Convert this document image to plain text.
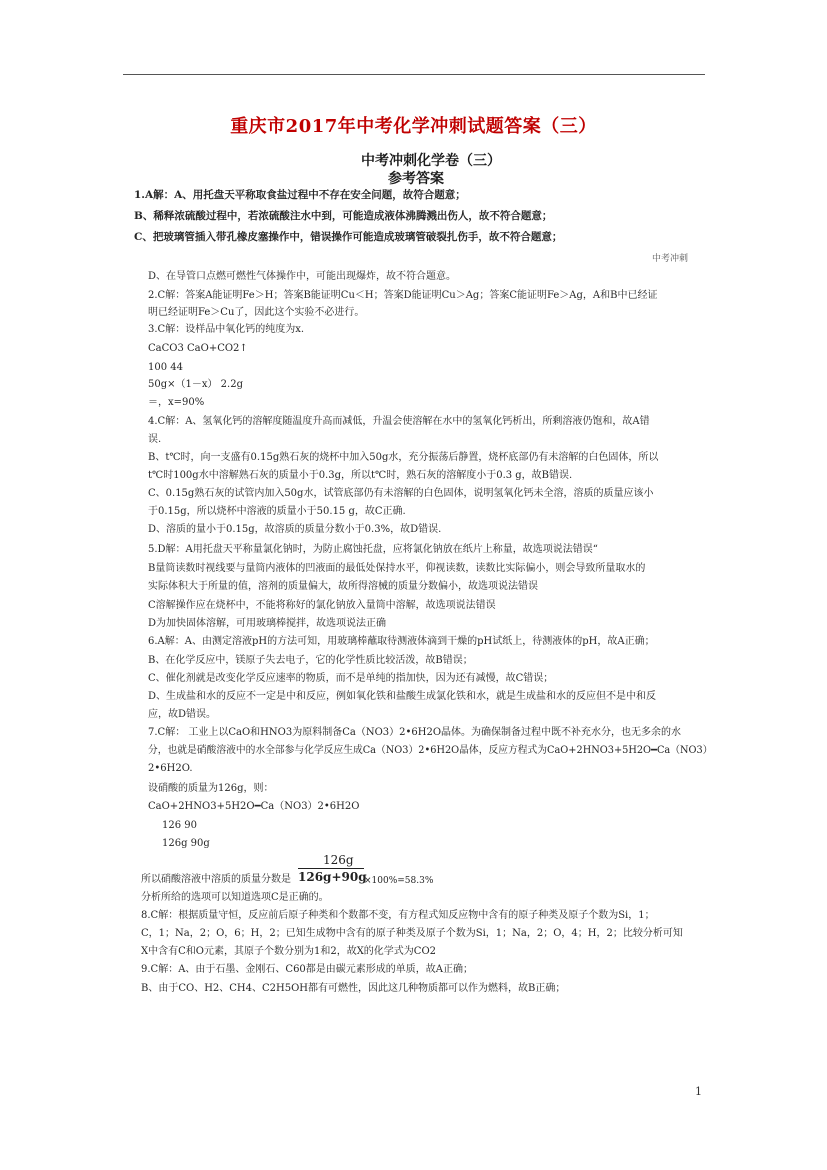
重庆市2017年中考化学冲刺试题答案（三）
中考冲刺化学卷（三）
参考答案
1.A解：A、用托盘天平称取食盐过程中不存在安全问题，故符合题意；
B、稀释浓硫酸过程中，若浓硫酸注水中到，可能造成液体沸腾溅出伤人，故不符合题意；
C、把玻璃管插入带孔橡皮塞操作中，错误操作可能造成玻璃管破裂扎伤手，故不符合题意；
中考冲刺
D、在导管口点燃可燃性气体操作中，可能出现爆炸，故不符合题意。
2.C解：答案A能证明Fe＞H；答案B能证明Cu＜H；答案D能证明Cu＞Ag；答案C能证明Fe＞Ag，A和B中已经证
明已经证明Fe＞Cu了，因此这个实验不必进行。
3.C解：设样品中氧化钙的纯度为x.
CaCO3 CaO+CO2↑
100 44
50g×（1－x） 2.2g
＝，x=90%
4.C解：A、氢氧化钙的溶解度随温度升高而减低，升温会使溶解在水中的氢氧化钙析出，所剩溶液仍饱和，故A错
误.
B、t℃时，向一支盛有0.15g熟石灰的烧杯中加入50g水，充分振荡后静置，烧杯底部仍有未溶解的白色固体，所以
t℃时100g水中溶解熟石灰的质量小于0.3g，所以t℃时，熟石灰的溶解度小于0.3 g，故B错误.
C、0.15g熟石灰的试管内加入50g水，试管底部仍有未溶解的白色固体，说明氢氧化钙未全溶，溶质的质量应该小
于0.15g，所以烧杯中溶液的质量小于50.15 g，故C正确.
D、溶质的量小于0.15g，故溶质的质量分数小于0.3%，故D错误.
5.D解：A用托盘天平称量氯化钠时，为防止腐蚀托盘，应将氯化钠放在纸片上称量，故选项说法错误“
B量筒读数时视线要与量筒内液体的凹液面的最低处保持水平，仰视读数，读数比实际偏小，则会导致所量取水的
实际体积大于所量的值，溶剂的质量偏大，故所得溶械的质量分数偏小，故选项说法错误
C溶解操作应在烧杯中，不能将称好的氯化钠放入量筒中溶解，故选项说法错误
D为加快固体溶解，可用玻璃棒搅拌，故选项说法正确
6.A解：A、由测定溶液pH的方法可知，用玻璃棒蘸取待测液体滴到干燥的pH试纸上，待测液体的pH，故A正确；
B、在化学反应中，镁原子失去电子，它的化学性质比较活泼，故B错误；
C、催化剂就是改变化学反应速率的物质，而不是单纯的指加快，因为还有减慢，故C错误；
D、生成盐和水的反应不一定是中和反应，例如氧化铁和盐酸生成氯化铁和水，就是生成盐和水的反应但不是中和反
应，故D错误。
7.C解： 工业上以CaO和HNO3为原料制备Ca（NO3）2•6H2O晶体。为确保制备过程中既不补充水分，也无多余的水
分，也就是硝酸溶液中的水全部参与化学反应生成Ca（NO3）2•6H2O晶体，反应方程式为CaO+2HNO3+5H2O━Ca（NO3）
2•6H2O.
设硝酸的质量为126g，则：
CaO+2HNO3+5H2O━Ca（NO3）2•6H2O
126 90
126g 90g
所以硝酸溶液中溶质的质量分数是
126g
126g+90g
×100%=58.3%
分析所给的选项可以知道选项C是正确的。
8.C解：根据质量守恒，反应前后原子种类和个数都不变，有方程式知反应物中含有的原子种类及原子个数为Si，1；
C，1；Na，2；O，6；H，2；已知生成物中含有的原子种类及原子个数为Si，1；Na，2；O，4；H，2；比较分析可知
X中含有C和O元素，其原子个数分别为1和2，故X的化学式为CO2
9.C解：A、由于石墨、金刚石、C60都是由碳元素形成的单质，故A正确；
B、由于CO、H2、CH4、C2H5OH都有可燃性，因此这几种物质都可以作为燃料，故B正确；
1
